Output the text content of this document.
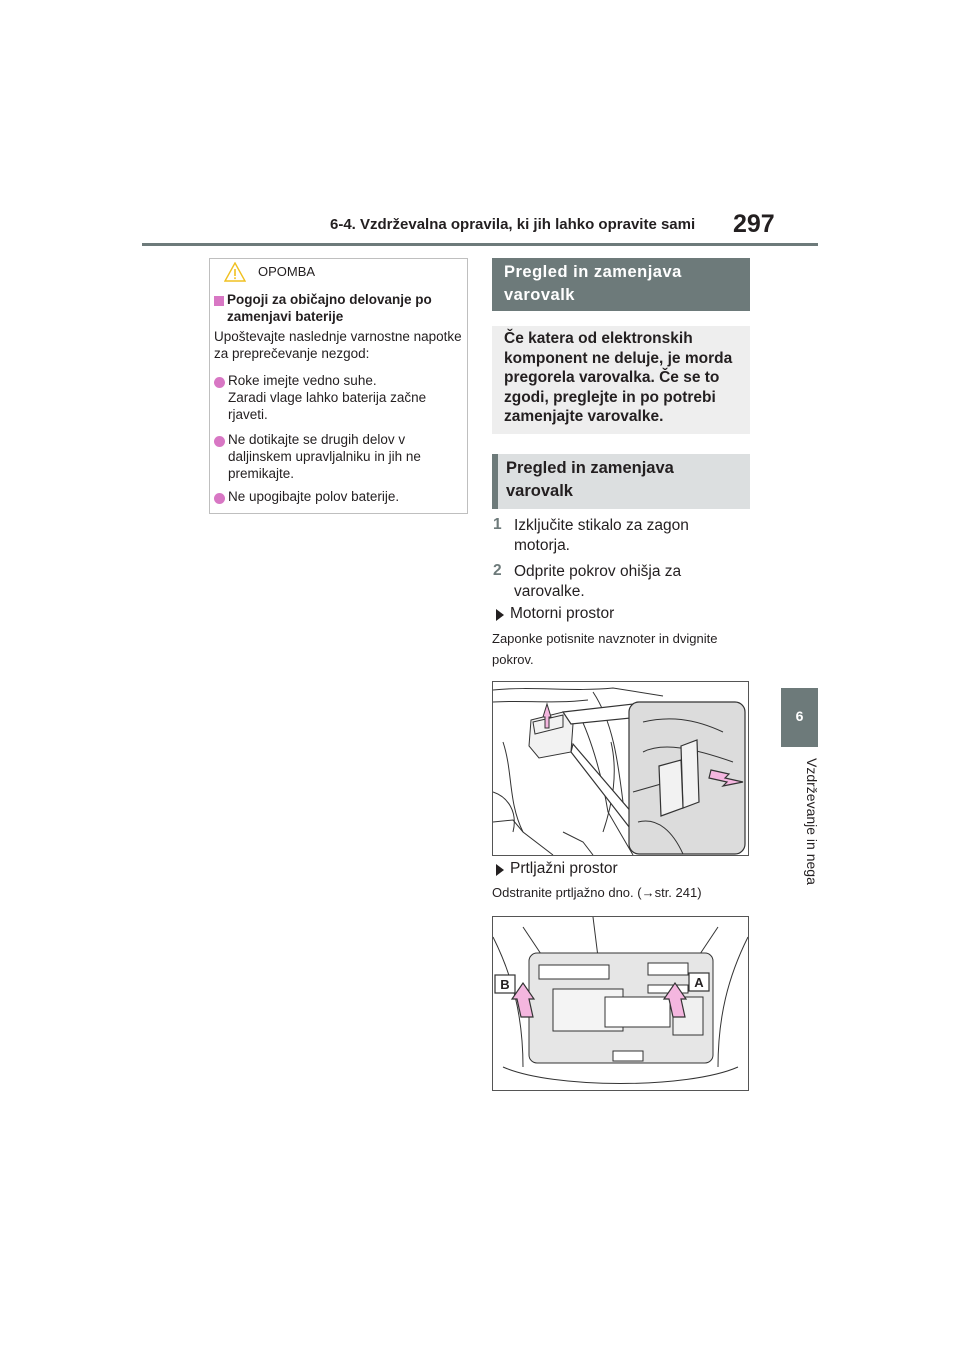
6-4. Vzdrževalna opravila, ki jih lahko opravite sami 297
6
Vzdrževanje in nega
OPOMBA
Pogoji za običajno delovanje po zamenjavi baterije
Upoštevajte naslednje varnostne napotke za preprečevanje nezgod:
Roke imejte vedno suhe.
Zaradi vlage lahko baterija začne
rjaveti.
Ne dotikajte se drugih delov v
daljinskem upravljalniku in jih ne
premikajte.
Ne upogibajte polov baterije.
Pregled in zamenjava varovalk
Če katera od elektronskih komponent ne deluje, je morda pregorela varovalka. Če se to zgodi, preglejte in po potrebi zamenjajte varovalke.
Pregled in zamenjava varovalk
1 Izključite stikalo za zagon
motorja.
2 Odprite pokrov ohišja za
varovalke.
Motorni prostor
Zaponke potisnite navznoter in dvignite
pokrov.
Prtljažni prostor
Odstranite prtljažno dno. (→str. 241)
B	A
